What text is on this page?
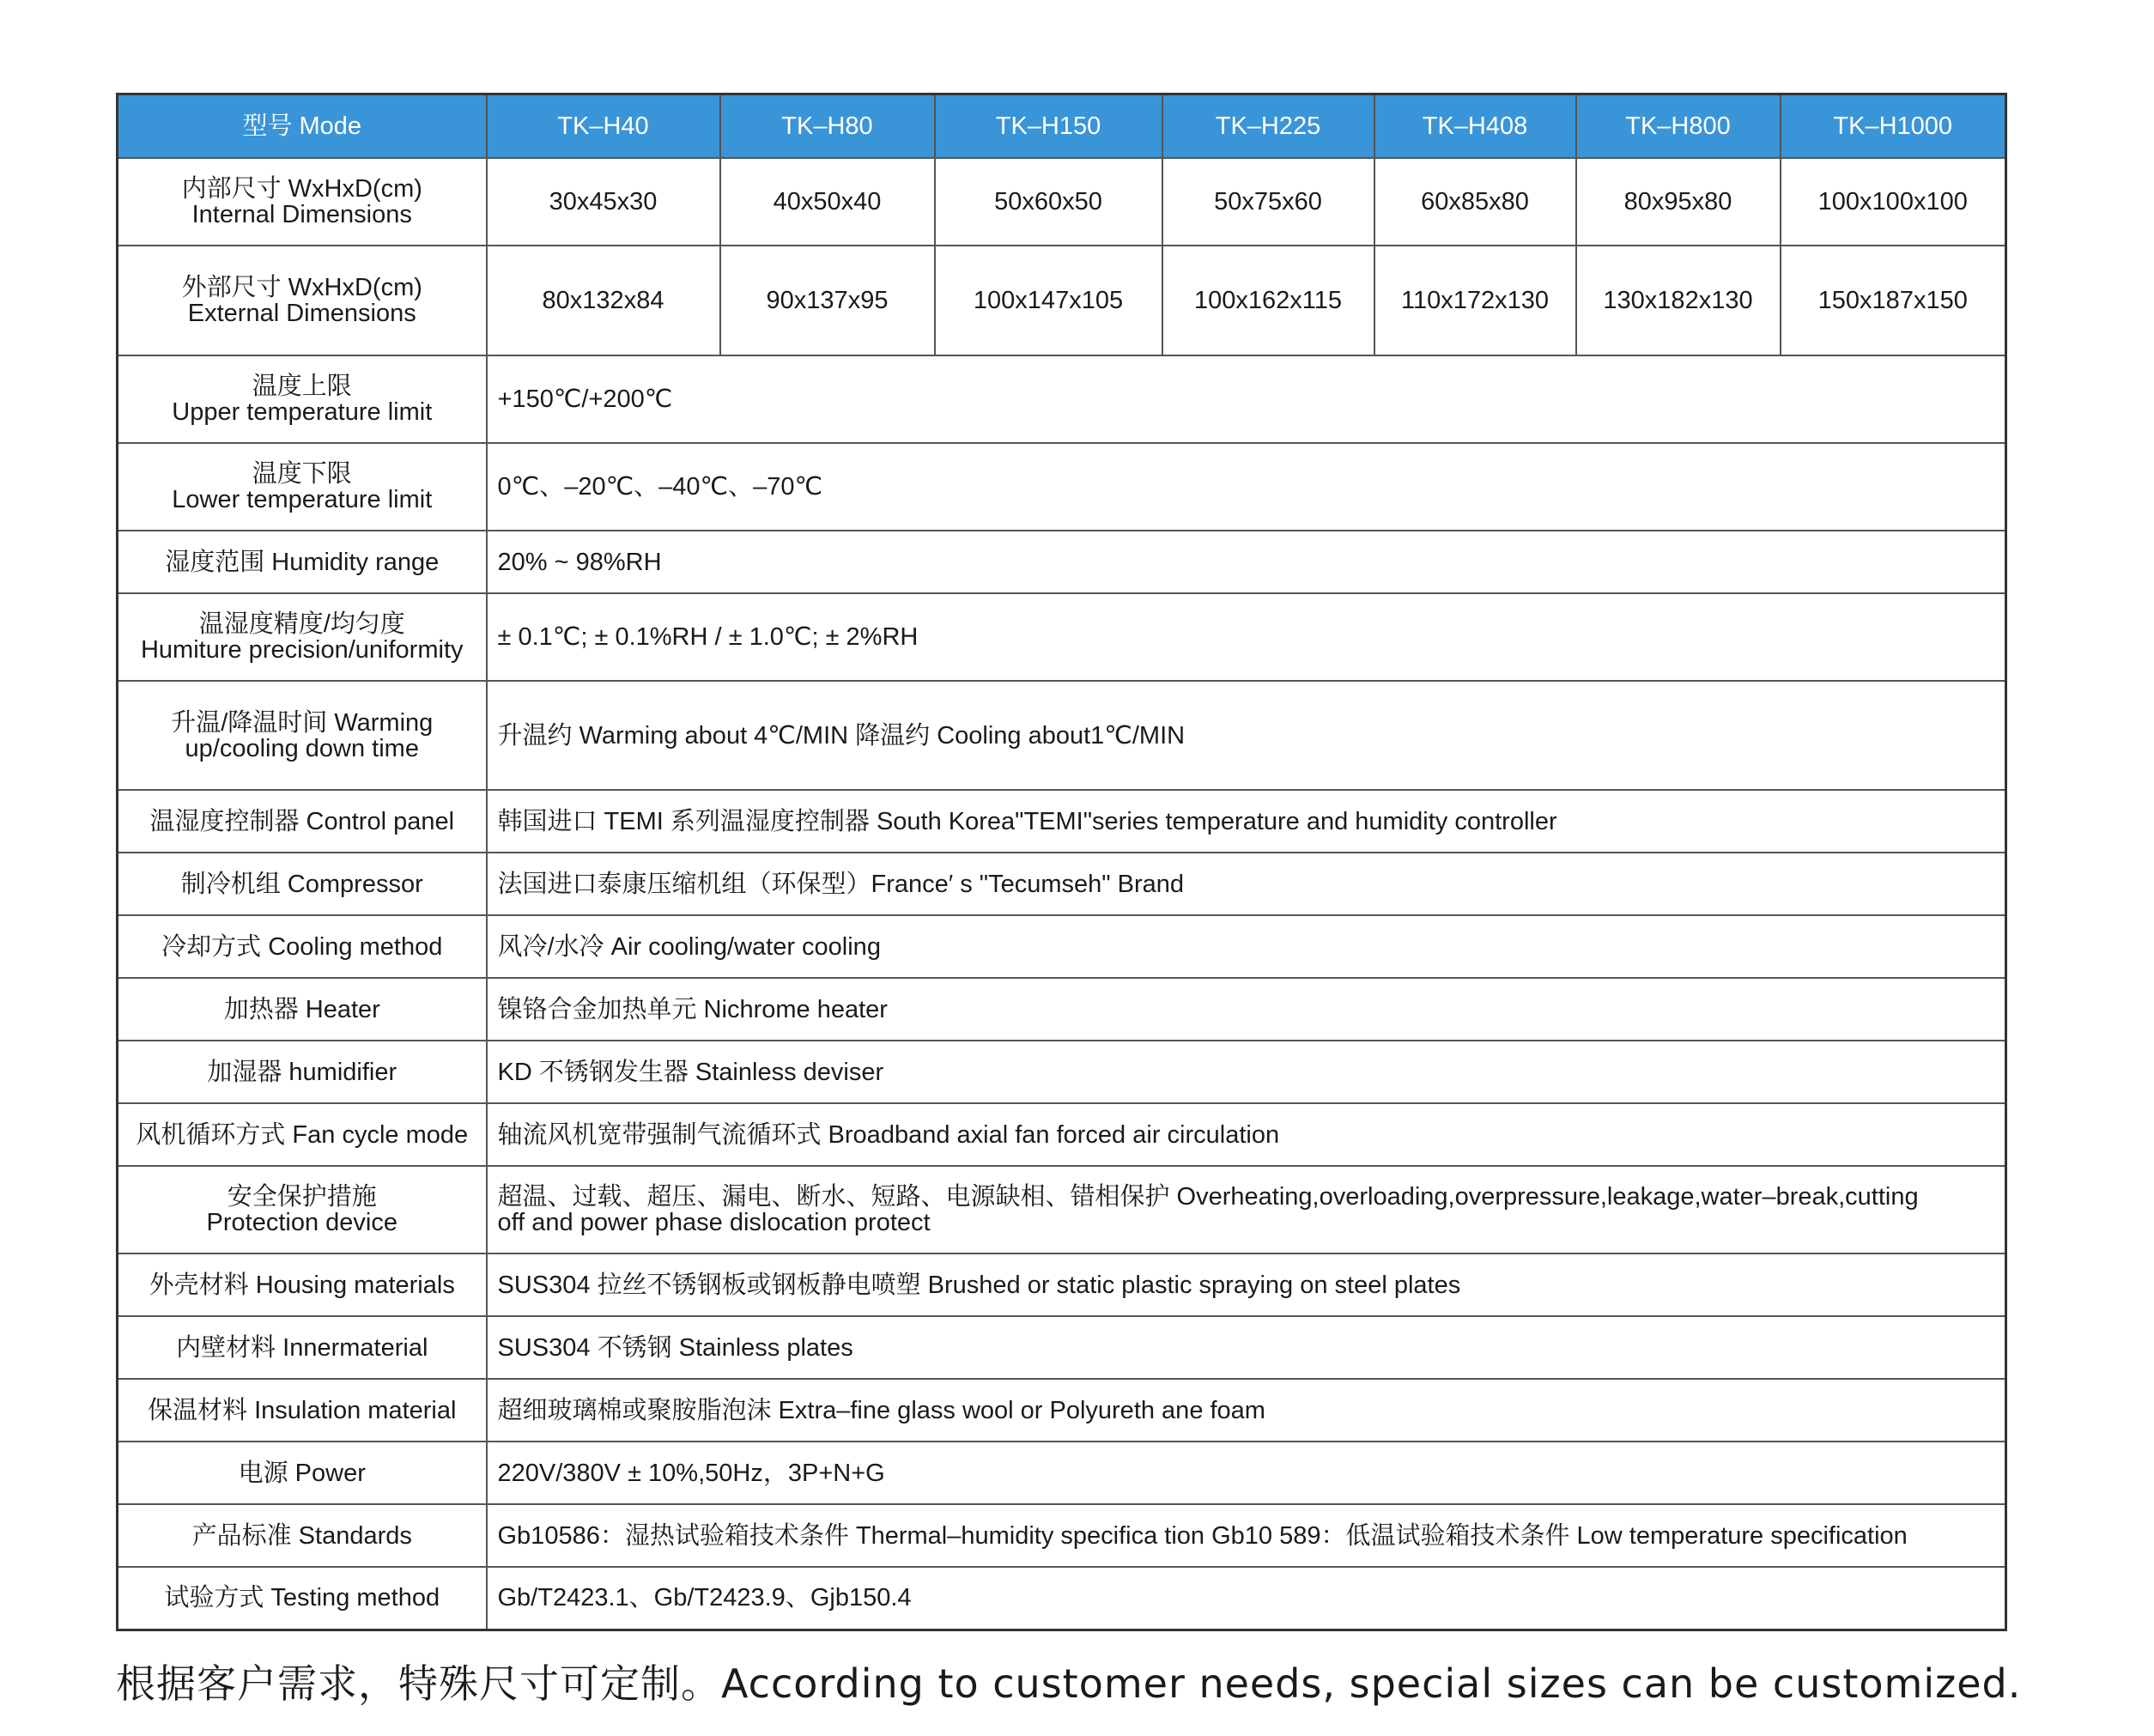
型号 Mode	TK–H40	TK–H80	TK–H150	TK–H225	TK–H408	TK–H800	TK–H1000

内部尺寸 WxHxD(cm)
Internal Dimensions	30x45x30	40x50x40	50x60x50	50x75x60	60x85x80	80x95x80	100x100x100

外部尺寸 WxHxD(cm)
External Dimensions	80x132x84	90x137x95	100x147x105	100x162x115	110x172x130	130x182x130	150x187x150

温度上限
Upper temperature limit	+150℃/+200℃						

温度下限
Lower temperature limit	0℃、–20℃、–40℃、–70℃						
湿度范围 Humidity range	20% ~ 98%RH						

温湿度精度/均匀度
Humiture precision/uniformity	± 0.1℃; ± 0.1%RH / ± 1.0℃; ± 2%RH						

升温/降温时间 Warming
up/cooling down time	升温约 Warming about 4℃/MIN 降温约 Cooling about1℃/MIN						
温湿度控制器 Control panel	韩国进口 TEMI 系列温湿度控制器 South Korea"TEMI"series temperature and humidity controller						
制冷机组 Compressor	法国进口泰康压缩机组（环保型）France′ s "Tecumseh" Brand						
冷却方式 Cooling method	风冷/水冷 Air cooling/water cooling						
加热器 Heater	镍铬合金加热单元 Nichrome heater						
加湿器 humidifier	KD 不锈钢发生器 Stainless deviser						
风机循环方式 Fan cycle mode	轴流风机宽带强制气流循环式 Broadband axial fan forced air circulation						

安全保护措施
Protection device	超温、过载、超压、漏电、断水、短路、电源缺相、错相保护 Overheating,overloading,overpressure,leakage,water–break,cutting
off and power phase dislocation protect						

外壳材料 Housing materials	SUS304 拉丝不锈钢板或钢板静电喷塑 Brushed or static plastic spraying on steel plates						
内壁材料 Innermaterial	SUS304 不锈钢 Stainless plates						
保温材料 Insulation material	超细玻璃棉或聚胺脂泡沫 Extra–fine glass wool or Polyureth ane foam						
电源 Power	220V/380V ± 10%,50Hz，3P+N+G						
产品标准 Standards	Gb10586：湿热试验箱技术条件 Thermal–humidity specifica tion Gb10 589：低温试验箱技术条件 Low temperature specification						
试验方式 Testing method	Gb/T2423.1、Gb/T2423.9、Gjb150.4						
根据客户需求，特殊尺寸可定制。According to customer needs, special sizes can be customized.
